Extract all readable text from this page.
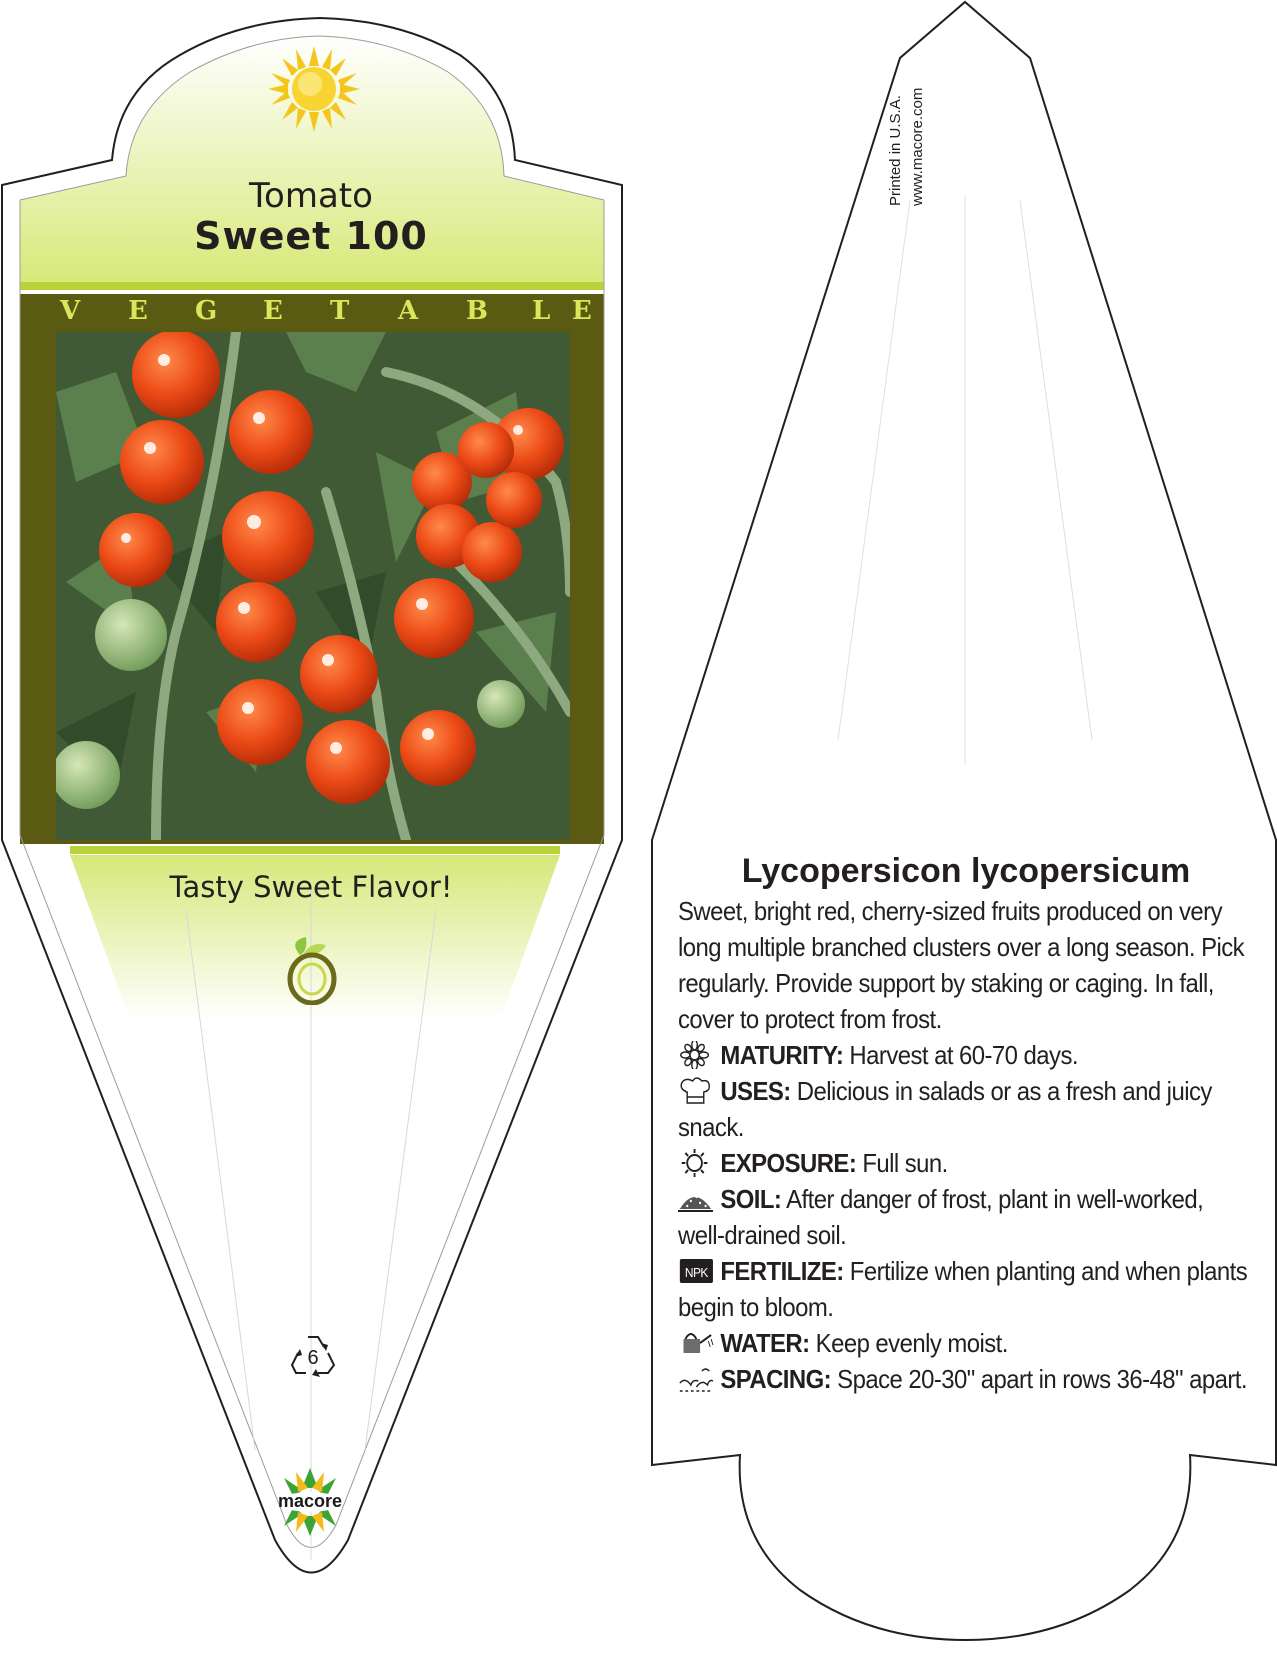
Tomato
Sweet 100
V E G E T A B L E
Tasty Sweet Flavor!
6
macore
Printed in U.S.A. www.macore.com
Lycopersicon lycopersicum

Sweet, bright red, cherry-sized fruits produced on very long multiple branched clusters over a long season. Pick regularly. Provide support by staking or caging. In fall, cover to protect from frost.

MATURITY: Harvest at 60-70 days.
USES: Delicious in salads or as a fresh and juicy snack.
EXPOSURE: Full sun.
SOIL: After danger of frost, plant in well-worked, well-drained soil.
NPK FERTILIZE: Fertilize when planting and when plants begin to bloom.
WATER: Keep evenly moist.
SPACING: Space 20-30" apart in rows 36-48" apart.
